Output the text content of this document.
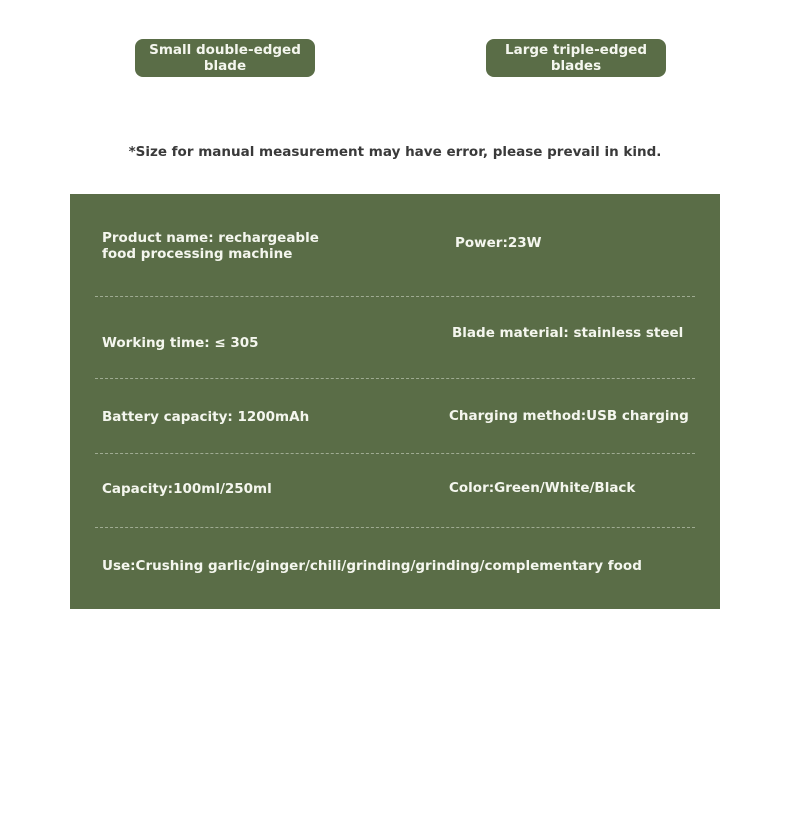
Small double-edged
blade
Large triple-edged
blades
*Size for manual measurement may have error, please prevail in kind.
Product name: rechargeable
food processing machine
Power:23W
Working time: ≤ 305
Blade material: stainless steel
Battery capacity: 1200mAh	Charging method:USB charging
Capacity:100ml/250ml	Color:Green/White/Black
Use:Crushing garlic/ginger/chili/grinding/grinding/complementary food
